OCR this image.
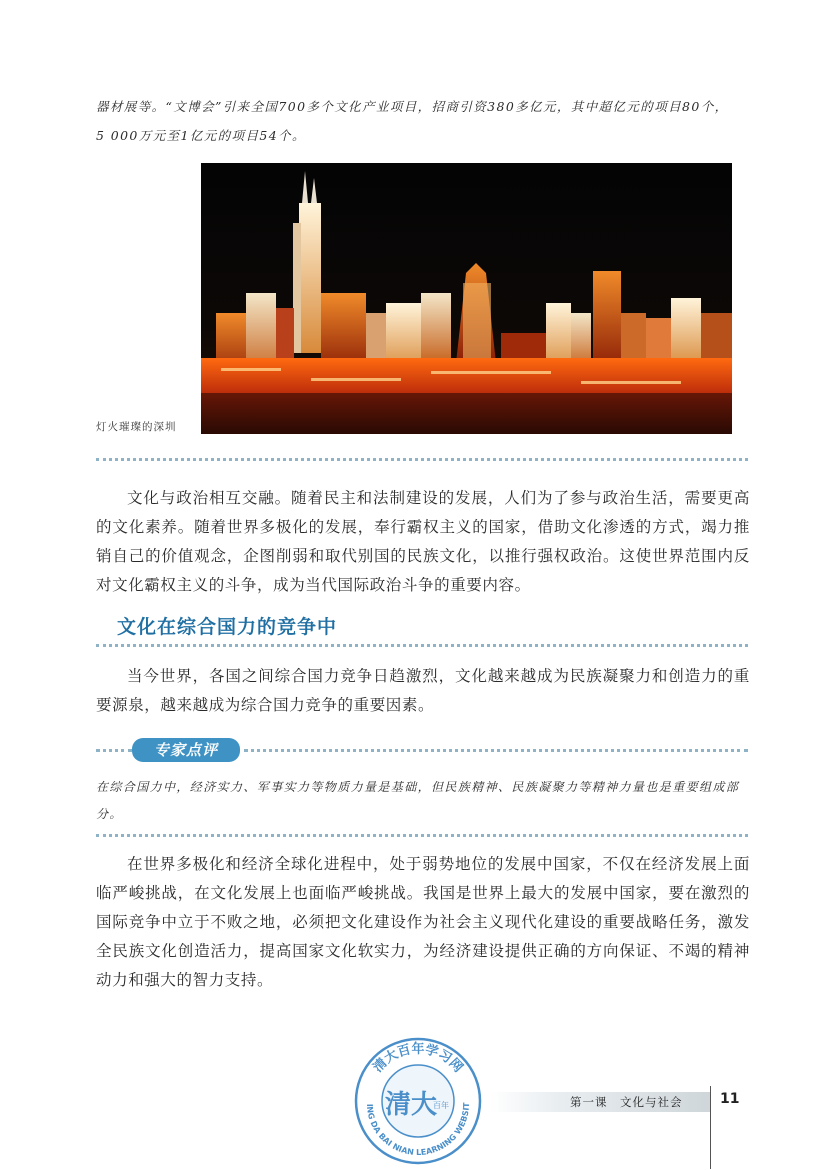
器材展等。“文博会”引来全国700多个文化产业项目，招商引资380多亿元，其中超亿元的项目80个，
5 000万元至1亿元的项目54个。
灯火璀璨的深圳
文化与政治相互交融。随着民主和法制建设的发展，人们为了参与政治生活，需要更高的文化素养。随着世界多极化的发展，奉行霸权主义的国家，借助文化渗透的方式，竭力推销自己的价值观念，企图削弱和取代别国的民族文化，以推行强权政治。这使世界范围内反对文化霸权主义的斗争，成为当代国际政治斗争的重要内容。
文化在综合国力的竞争中
当今世界，各国之间综合国力竞争日趋激烈，文化越来越成为民族凝聚力和创造力的重要源泉，越来越成为综合国力竞争的重要因素。
专家点评
在综合国力中，经济实力、军事实力等物质力量是基础，但民族精神、民族凝聚力等精神力量也是重要组成部分。
在世界多极化和经济全球化进程中，处于弱势地位的发展中国家，不仅在经济发展上面临严峻挑战，在文化发展上也面临严峻挑战。我国是世界上最大的发展中国家，要在激烈的国际竞争中立于不败之地，必须把文化建设作为社会主义现代化建设的重要战略任务，激发全民族文化创造活力，提高国家文化软实力，为经济建设提供正确的方向保证、不竭的精神动力和强大的智力支持。
清大百年学习网
ING DA BAI NIAN LEARNING WEBSIT
清大
百年	第一课　文化与社会	11
